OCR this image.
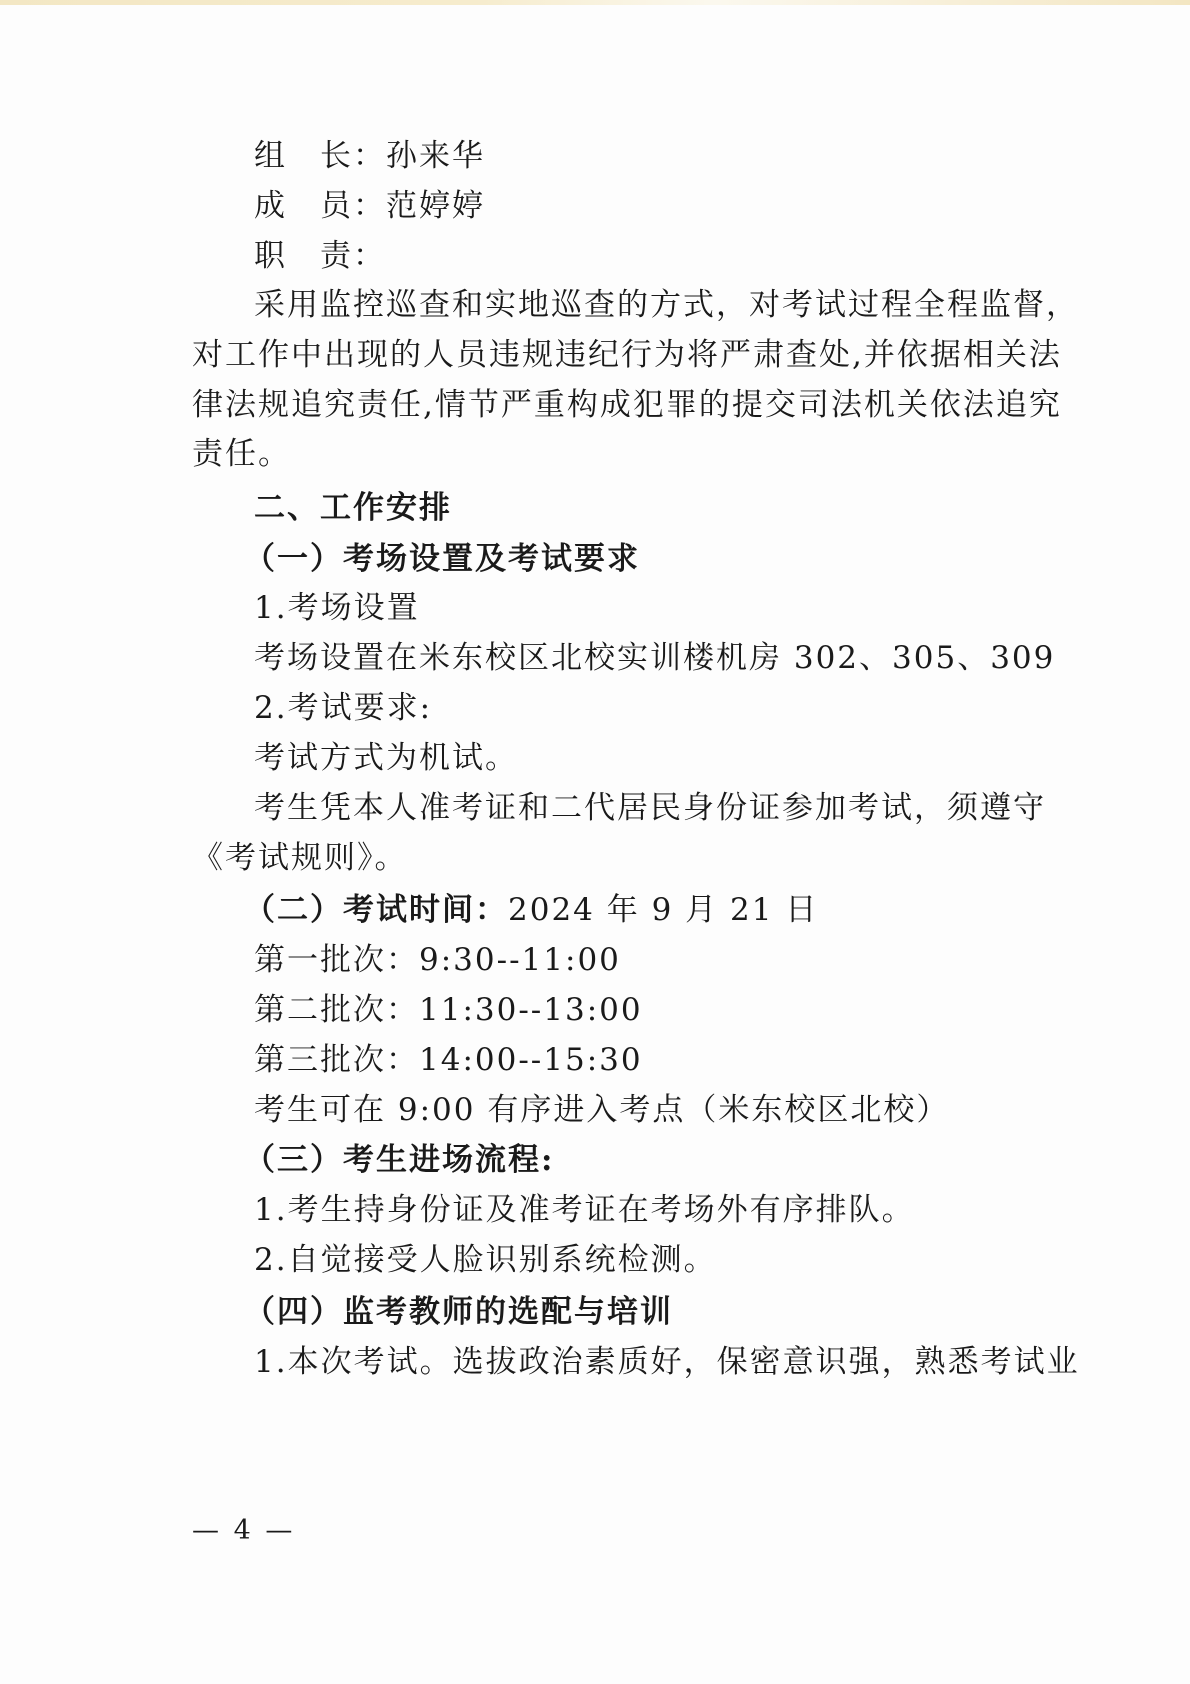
组　长：孙来华
成　员：范婷婷
职　责：
采用监控巡查和实地巡查的方式，对考试过程全程监督，
对工作中出现的人员违规违纪行为将严肃查处,并依据相关法
律法规追究责任,情节严重构成犯罪的提交司法机关依法追究
责任。
二、工作安排
（一）考场设置及考试要求
1.考场设置
考场设置在米东校区北校实训楼机房 302、305、309
2.考试要求:
考试方式为机试。
考生凭本人准考证和二代居民身份证参加考试，须遵守
《考试规则》。
（二）考试时间：2024 年 9 月 21 日
第一批次：9:30--11:00
第二批次：11:30--13:00
第三批次：14:00--15:30
考生可在 9:00 有序进入考点（米东校区北校）
（三）考生进场流程:
1.考生持身份证及准考证在考场外有序排队。
2.自觉接受人脸识别系统检测。
（四）监考教师的选配与培训
1.本次考试。选拔政治素质好，保密意识强，熟悉考试业
— 4 —
